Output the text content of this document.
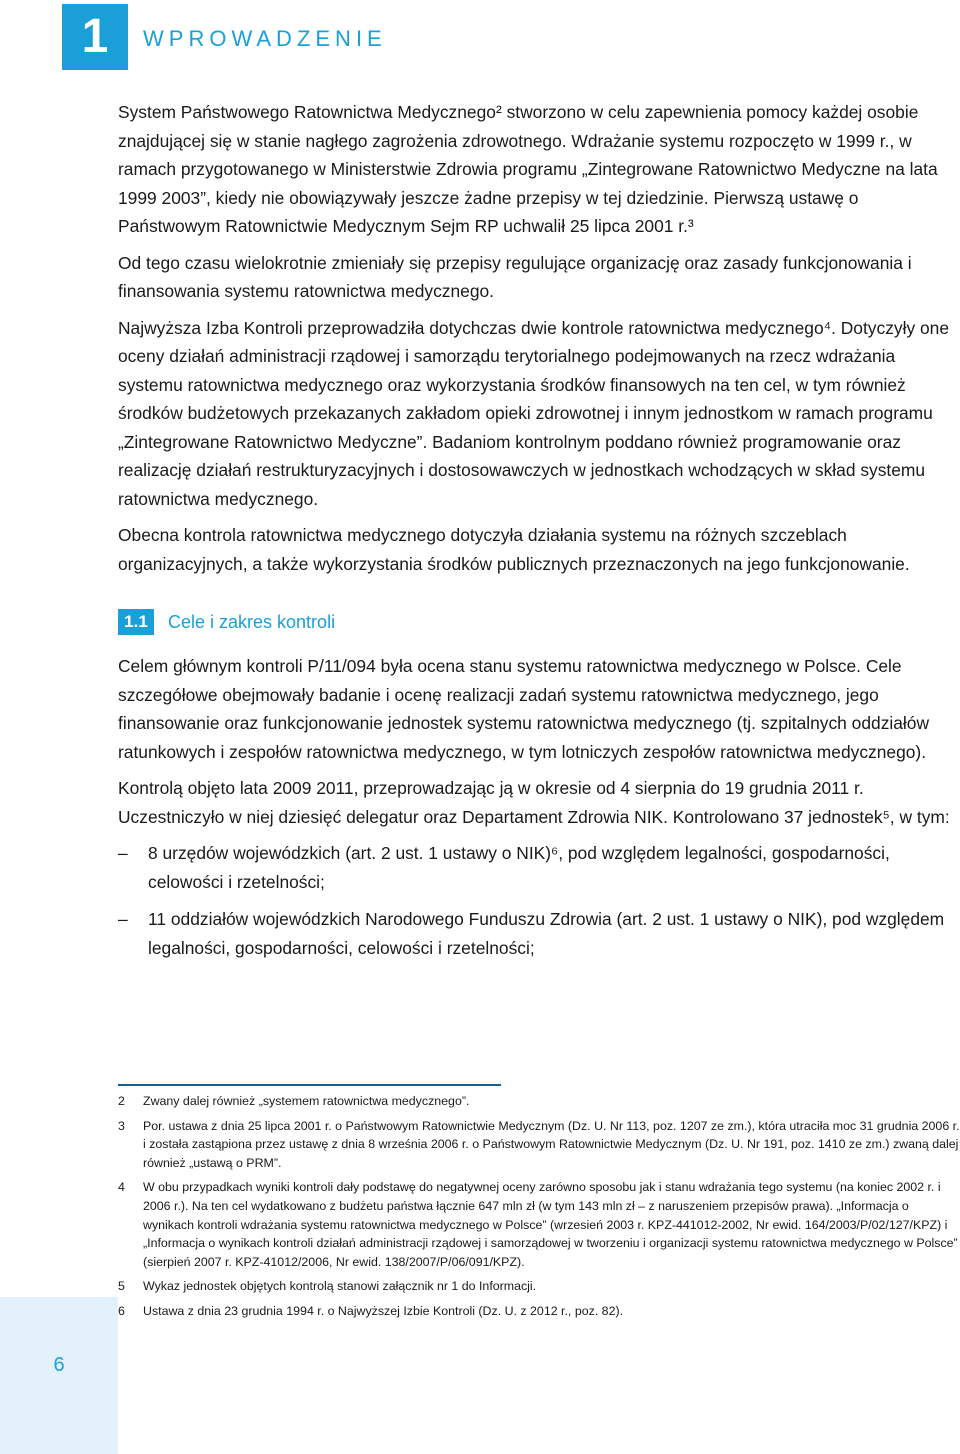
1	WPROWADZENIE

System Państwowego Ratownictwa Medycznego² stworzono w celu zapewnienia pomocy każdej osobie znajdującej się w stanie nagłego zagrożenia zdrowotnego. Wdrażanie systemu rozpoczęto w 1999 r., w ramach przygotowanego w Ministerstwie Zdrowia programu „Zintegrowane Ratownictwo Medyczne na lata 1999 2003”, kiedy nie obowiązywały jeszcze żadne przepisy w tej dziedzinie. Pierwszą ustawę o Państwowym Ratownictwie Medycznym Sejm RP uchwalił 25 lipca 2001 r.³

Od tego czasu wielokrotnie zmieniały się przepisy regulujące organizację oraz zasady funkcjonowania i finansowania systemu ratownictwa medycznego.

Najwyższa Izba Kontroli przeprowadziła dotychczas dwie kontrole ratownictwa medycznego⁴. Dotyczyły one oceny działań administracji rządowej i samorządu terytorialnego podejmowanych na rzecz wdrażania systemu ratownictwa medycznego oraz wykorzystania środków finansowych na ten cel, w tym również środków budżetowych przekazanych zakładom opieki zdrowotnej i innym jednostkom w ramach programu „Zintegrowane Ratownictwo Medyczne”. Badaniom kontrolnym poddano również programowanie oraz realizację działań restrukturyzacyjnych i dostosowawczych w jednostkach wchodzących w skład systemu ratownictwa medycznego.

Obecna kontrola ratownictwa medycznego dotyczyła działania systemu na różnych szczeblach organizacyjnych, a także wykorzystania środków publicznych przeznaczonych na jego funkcjonowanie.

1.1	Cele i zakres kontroli

Celem głównym kontroli P/11/094 była ocena stanu systemu ratownictwa medycznego w Polsce. Cele szczegółowe obejmowały badanie i ocenę realizacji zadań systemu ratownictwa medycznego, jego finansowanie oraz funkcjonowanie jednostek systemu ratownictwa medycznego (tj. szpitalnych oddziałów ratunkowych i zespołów ratownictwa medycznego, w tym lotniczych zespołów ratownictwa medycznego).

Kontrolą objęto lata 2009 2011, przeprowadzając ją w okresie od 4 sierpnia do 19 grudnia 2011 r. Uczestniczyło w niej dziesięć delegatur oraz Departament Zdrowia NIK. Kontrolowano 37 jednostek⁵, w tym:

– 8 urzędów wojewódzkich (art. 2 ust. 1 ustawy o NIK)⁶, pod względem legalności, gospodarności, celowości i rzetelności;
– 11 oddziałów wojewódzkich Narodowego Funduszu Zdrowia (art. 2 ust. 1 ustawy o NIK), pod względem legalności, gospodarności, celowości i rzetelności;
2 Zwany dalej również „systemem ratownictwa medycznego”.
3 Por. ustawa z dnia 25 lipca 2001 r. o Państwowym Ratownictwie Medycznym (Dz. U. Nr 113, poz. 1207 ze zm.), która utraciła moc 31 grudnia 2006 r. i została zastąpiona przez ustawę z dnia 8 września 2006 r. o Państwowym Ratownictwie Medycznym (Dz. U. Nr 191, poz. 1410 ze zm.) zwaną dalej również „ustawą o PRM”.
4 W obu przypadkach wyniki kontroli dały podstawę do negatywnej oceny zarówno sposobu jak i stanu wdrażania tego systemu (na koniec 2002 r. i 2006 r.). Na ten cel wydatkowano z budżetu państwa łącznie 647 mln zł (w tym 143 mln zł – z naruszeniem przepisów prawa). „Informacja o wynikach kontroli wdrażania systemu ratownictwa medycznego w Polsce” (wrzesień 2003 r. KPZ-441012-2002, Nr ewid. 164/2003/P/02/127/KPZ) i „Informacja o wynikach kontroli działań administracji rządowej i samorządowej w tworzeniu i organizacji systemu ratownictwa medycznego w Polsce” (sierpień 2007 r. KPZ-41012/2006, Nr ewid. 138/2007/P/06/091/KPZ).
5 Wykaz jednostek objętych kontrolą stanowi załącznik nr 1 do Informacji.
6 Ustawa z dnia 23 grudnia 1994 r. o Najwyższej Izbie Kontroli (Dz. U. z 2012 r., poz. 82).
6
